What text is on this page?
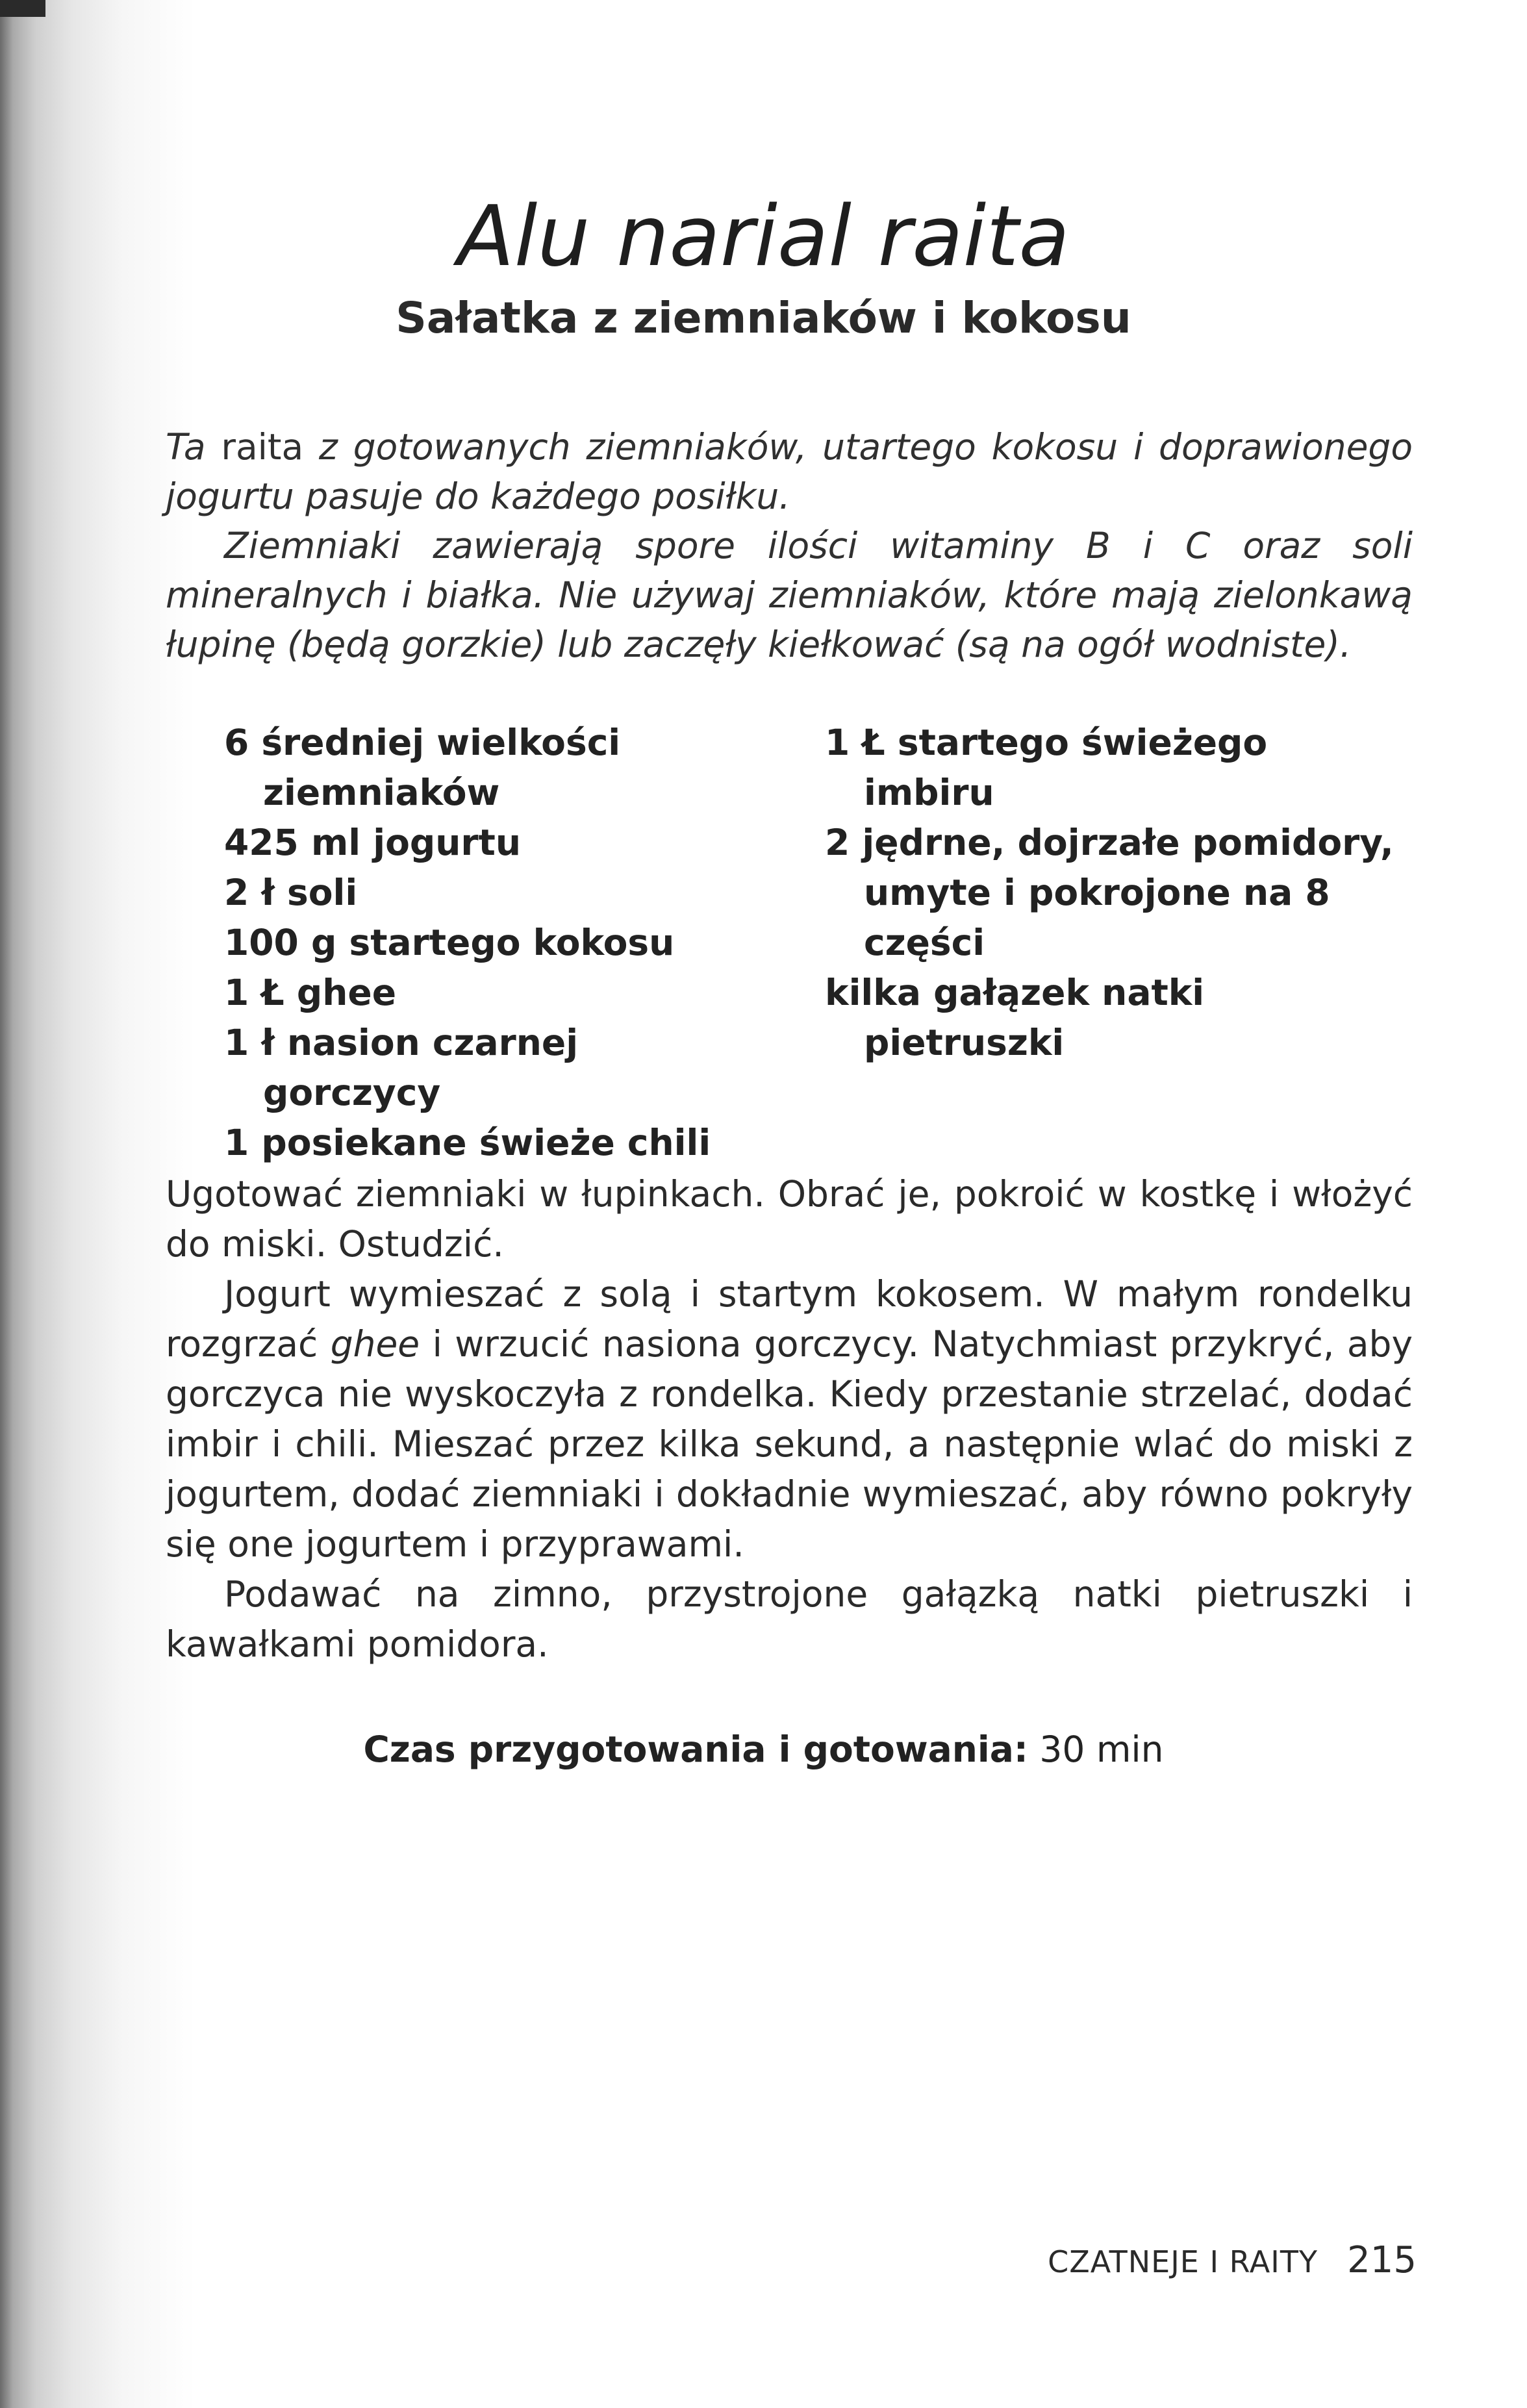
Alu narial raita
Sałatka z ziemniaków i kokosu

Ta raita z gotowanych ziemniaków, utartego kokosu i doprawionego jogurtu pasuje do każdego posiłku.

Ziemniaki zawierają spore ilości witaminy B i C oraz soli mineralnych i białka. Nie używaj ziemniaków, które mają zielonkawą łupinę (będą gorzkie) lub zaczęły kiełkować (są na ogół wodniste).

6 średniej wielkości ziemniaków
425 ml jogurtu
2 ł soli
100 g startego kokosu
1 Ł ghee
1 ł nasion czarnej gorczycy
1 posiekane świeże chili
1 Ł startego świeżego imbiru
2 jędrne, dojrzałe pomidory, umyte i pokrojone na 8 części
kilka gałązek natki pietruszki

Ugotować ziemniaki w łupinkach. Obrać je, pokroić w kostkę i włożyć do miski. Ostudzić.

Jogurt wymieszać z solą i startym kokosem. W małym rondelku rozgrzać ghee i wrzucić nasiona gorczycy. Natychmiast przykryć, aby gorczyca nie wyskoczyła z rondelka. Kiedy przestanie strzelać, dodać imbir i chili. Mieszać przez kilka sekund, a następnie wlać do miski z jogurtem, dodać ziemniaki i dokładnie wymieszać, aby równo pokryły się one jogurtem i przyprawami.

Podawać na zimno, przystrojone gałązką natki pietruszki i kawałkami pomidora.

Czas przygotowania i gotowania: 30 min
CZATNEJE I RAITY 215
